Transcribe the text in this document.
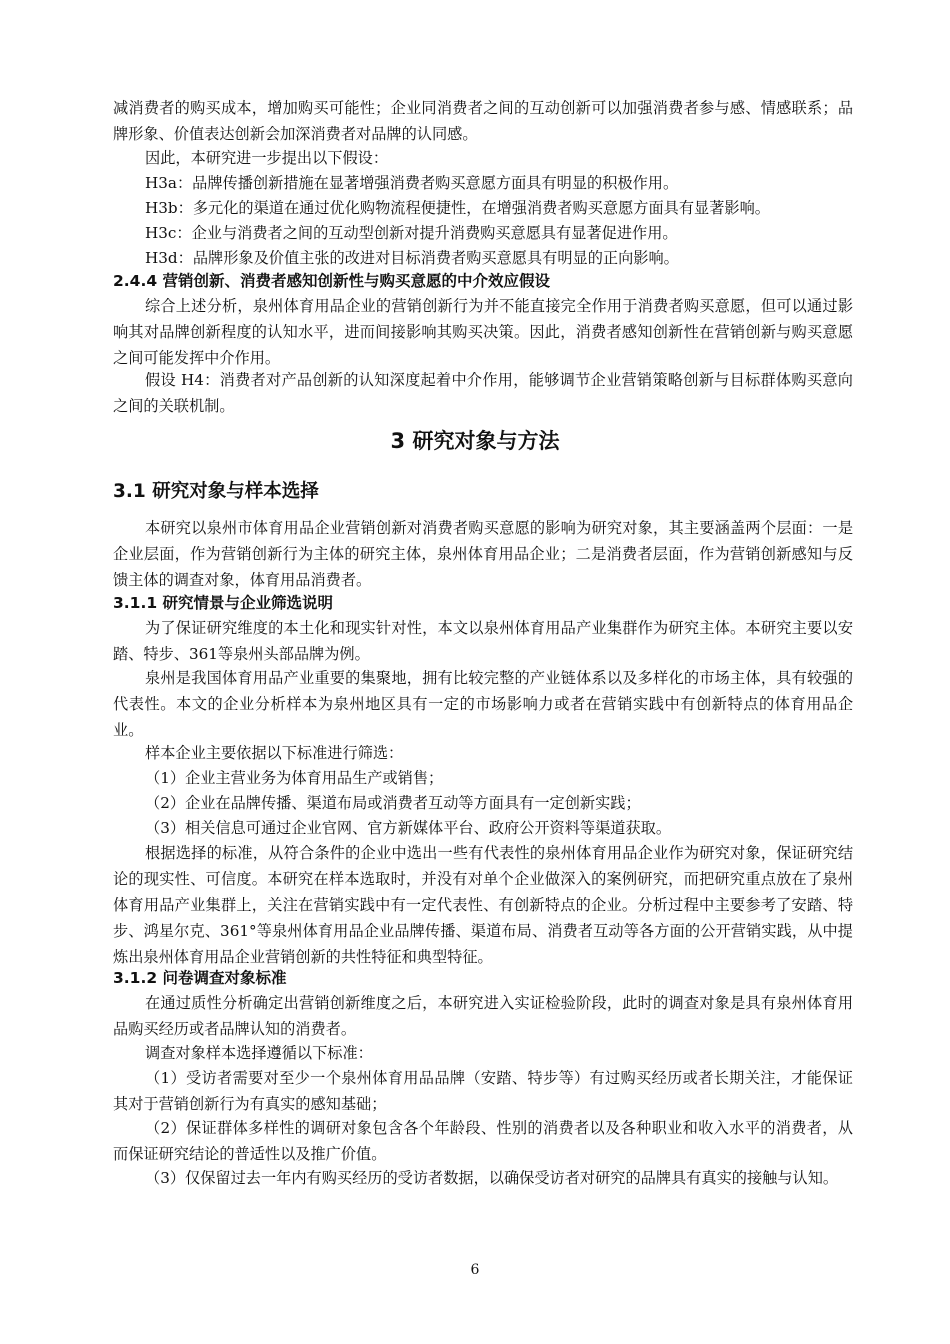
减消费者的购买成本，增加购买可能性；企业同消费者之间的互动创新可以加强消费者参与感、情感联系；品牌形象、价值表达创新会加深消费者对品牌的认同感。

因此，本研究进一步提出以下假设：

H3a：品牌传播创新措施在显著增强消费者购买意愿方面具有明显的积极作用。

H3b：多元化的渠道在通过优化购物流程便捷性，在增强消费者购买意愿方面具有显著影响。

H3c：企业与消费者之间的互动型创新对提升消费购买意愿具有显著促进作用。

H3d：品牌形象及价值主张的改进对目标消费者购买意愿具有明显的正向影响。

2.4.4 营销创新、消费者感知创新性与购买意愿的中介效应假设

综合上述分析，泉州体育用品企业的营销创新行为并不能直接完全作用于消费者购买意愿，但可以通过影响其对品牌创新程度的认知水平，进而间接影响其购买决策。因此，消费者感知创新性在营销创新与购买意愿之间可能发挥中介作用。

假设 H4：消费者对产品创新的认知深度起着中介作用，能够调节企业营销策略创新与目标群体购买意向之间的关联机制。

3 研究对象与方法
3.1 研究对象与样本选择

本研究以泉州市体育用品企业营销创新对消费者购买意愿的影响为研究对象，其主要涵盖两个层面：一是企业层面，作为营销创新行为主体的研究主体，泉州体育用品企业；二是消费者层面，作为营销创新感知与反馈主体的调查对象，体育用品消费者。

3.1.1 研究情景与企业筛选说明

为了保证研究维度的本土化和现实针对性，本文以泉州体育用品产业集群作为研究主体。本研究主要以安踏、特步、361等泉州头部品牌为例。

泉州是我国体育用品产业重要的集聚地，拥有比较完整的产业链体系以及多样化的市场主体，具有较强的代表性。本文的企业分析样本为泉州地区具有一定的市场影响力或者在营销实践中有创新特点的体育用品企业。

样本企业主要依据以下标准进行筛选：

（1）企业主营业务为体育用品生产或销售；

（2）企业在品牌传播、渠道布局或消费者互动等方面具有一定创新实践；

（3）相关信息可通过企业官网、官方新媒体平台、政府公开资料等渠道获取。

根据选择的标准，从符合条件的企业中选出一些有代表性的泉州体育用品企业作为研究对象，保证研究结论的现实性、可信度。本研究在样本选取时，并没有对单个企业做深入的案例研究，而把研究重点放在了泉州体育用品产业集群上，关注在营销实践中有一定代表性、有创新特点的企业。分析过程中主要参考了安踏、特步、鸿星尔克、361°等泉州体育用品企业品牌传播、渠道布局、消费者互动等各方面的公开营销实践，从中提炼出泉州体育用品企业营销创新的共性特征和典型特征。

3.1.2 问卷调查对象标准

在通过质性分析确定出营销创新维度之后，本研究进入实证检验阶段，此时的调查对象是具有泉州体育用品购买经历或者品牌认知的消费者。

调查对象样本选择遵循以下标准：

（1）受访者需要对至少一个泉州体育用品品牌（安踏、特步等）有过购买经历或者长期关注，才能保证其对于营销创新行为有真实的感知基础；

（2）保证群体多样性的调研对象包含各个年龄段、性别的消费者以及各种职业和收入水平的消费者，从而保证研究结论的普适性以及推广价值。

（3）仅保留过去一年内有购买经历的受访者数据，以确保受访者对研究的品牌具有真实的接触与认知。

6
